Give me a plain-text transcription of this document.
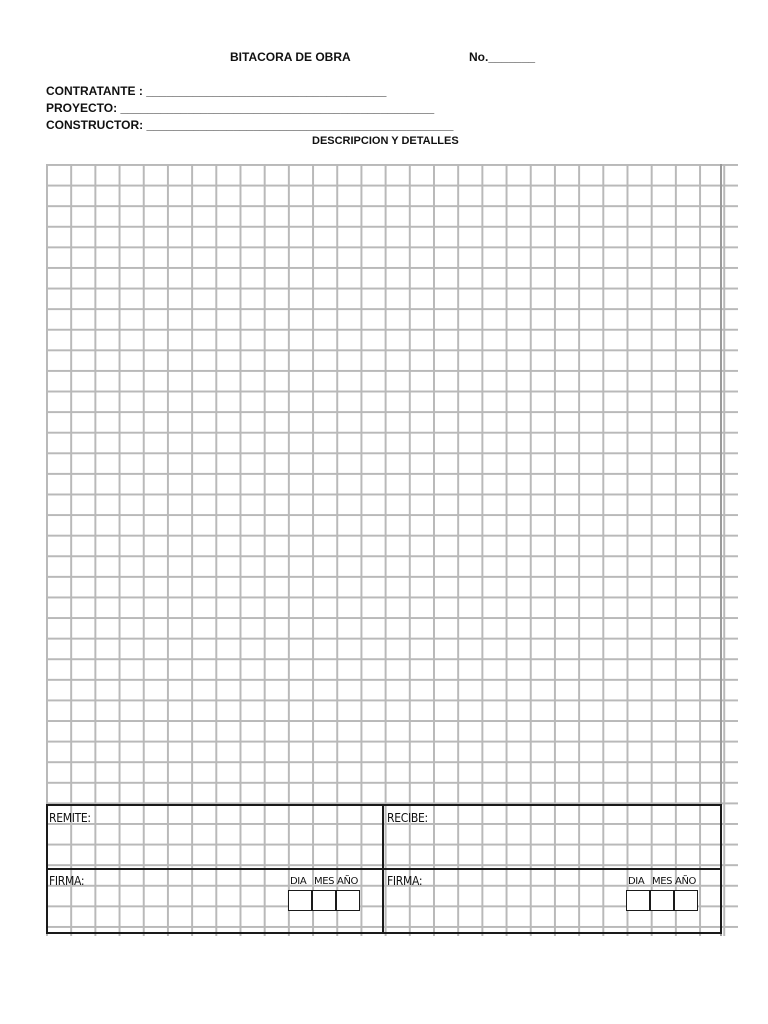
BITACORA DE OBRA	No._______
CONTRATANTE : ____________________________________
PROYECTO: _______________________________________________
CONSTRUCTOR: ______________________________________________
DESCRIPCION Y DETALLES
REMITE:	RECIBE:
FIRMA:	FIRMA:
DIA MES AÑO	DIA MES AÑO
